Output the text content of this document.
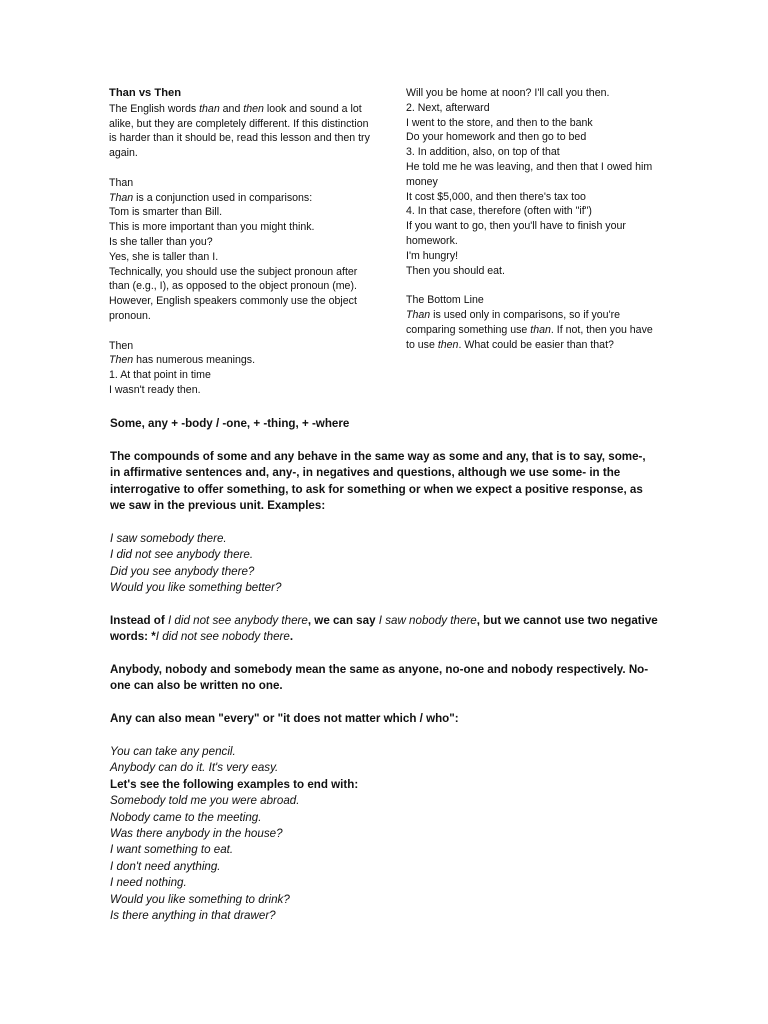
Than vs Then

The English words than and then look and sound a lot alike, but they are completely different. If this distinction is harder than it should be, read this lesson and then try again.

Than

Than is a conjunction used in comparisons:

Tom is smarter than Bill.

This is more important than you might think.

Is she taller than you?

Yes, she is taller than I.

Technically, you should use the subject pronoun after than (e.g., I), as opposed to the object pronoun (me). However, English speakers commonly use the object pronoun.

Then

Then has numerous meanings.

1. At that point in time

I wasn't ready then.

Will you be home at noon? I'll call you then.

2. Next, afterward

I went to the store, and then to the bank

Do your homework and then go to bed

3. In addition, also, on top of that

He told me he was leaving, and then that I owed him money

It cost $5,000, and then there's tax too

4. In that case, therefore (often with "if")

If you want to go, then you'll have to finish your homework.

I'm hungry!

Then you should eat.

The Bottom Line

Than is used only in comparisons, so if you're comparing something use than. If not, then you have to use then. What could be easier than that?

Some, any + -body / -one, + -thing, + -where

The compounds of some and any behave in the same way as some and any, that is to say, some-, in affirmative sentences and, any-, in negatives and questions, although we use some- in the interrogative to offer something, to ask for something or when we expect a positive response, as we saw in the previous unit. Examples:

I saw somebody there.

I did not see anybody there.

Did you see anybody there?

Would you like something better?

Instead of I did not see anybody there, we can say I saw nobody there, but we cannot use two negative words: *I did not see nobody there.

Anybody, nobody and somebody mean the same as anyone, no-one and nobody respectively. No-one can also be written no one.

Any can also mean "every" or "it does not matter which / who":

You can take any pencil.

Anybody can do it. It's very easy.

Let's see the following examples to end with:

Somebody told me you were abroad.

Nobody came to the meeting.

Was there anybody in the house?

I want something to eat.

I don't need anything.

I need nothing.

Would you like something to drink?

Is there anything in that drawer?
